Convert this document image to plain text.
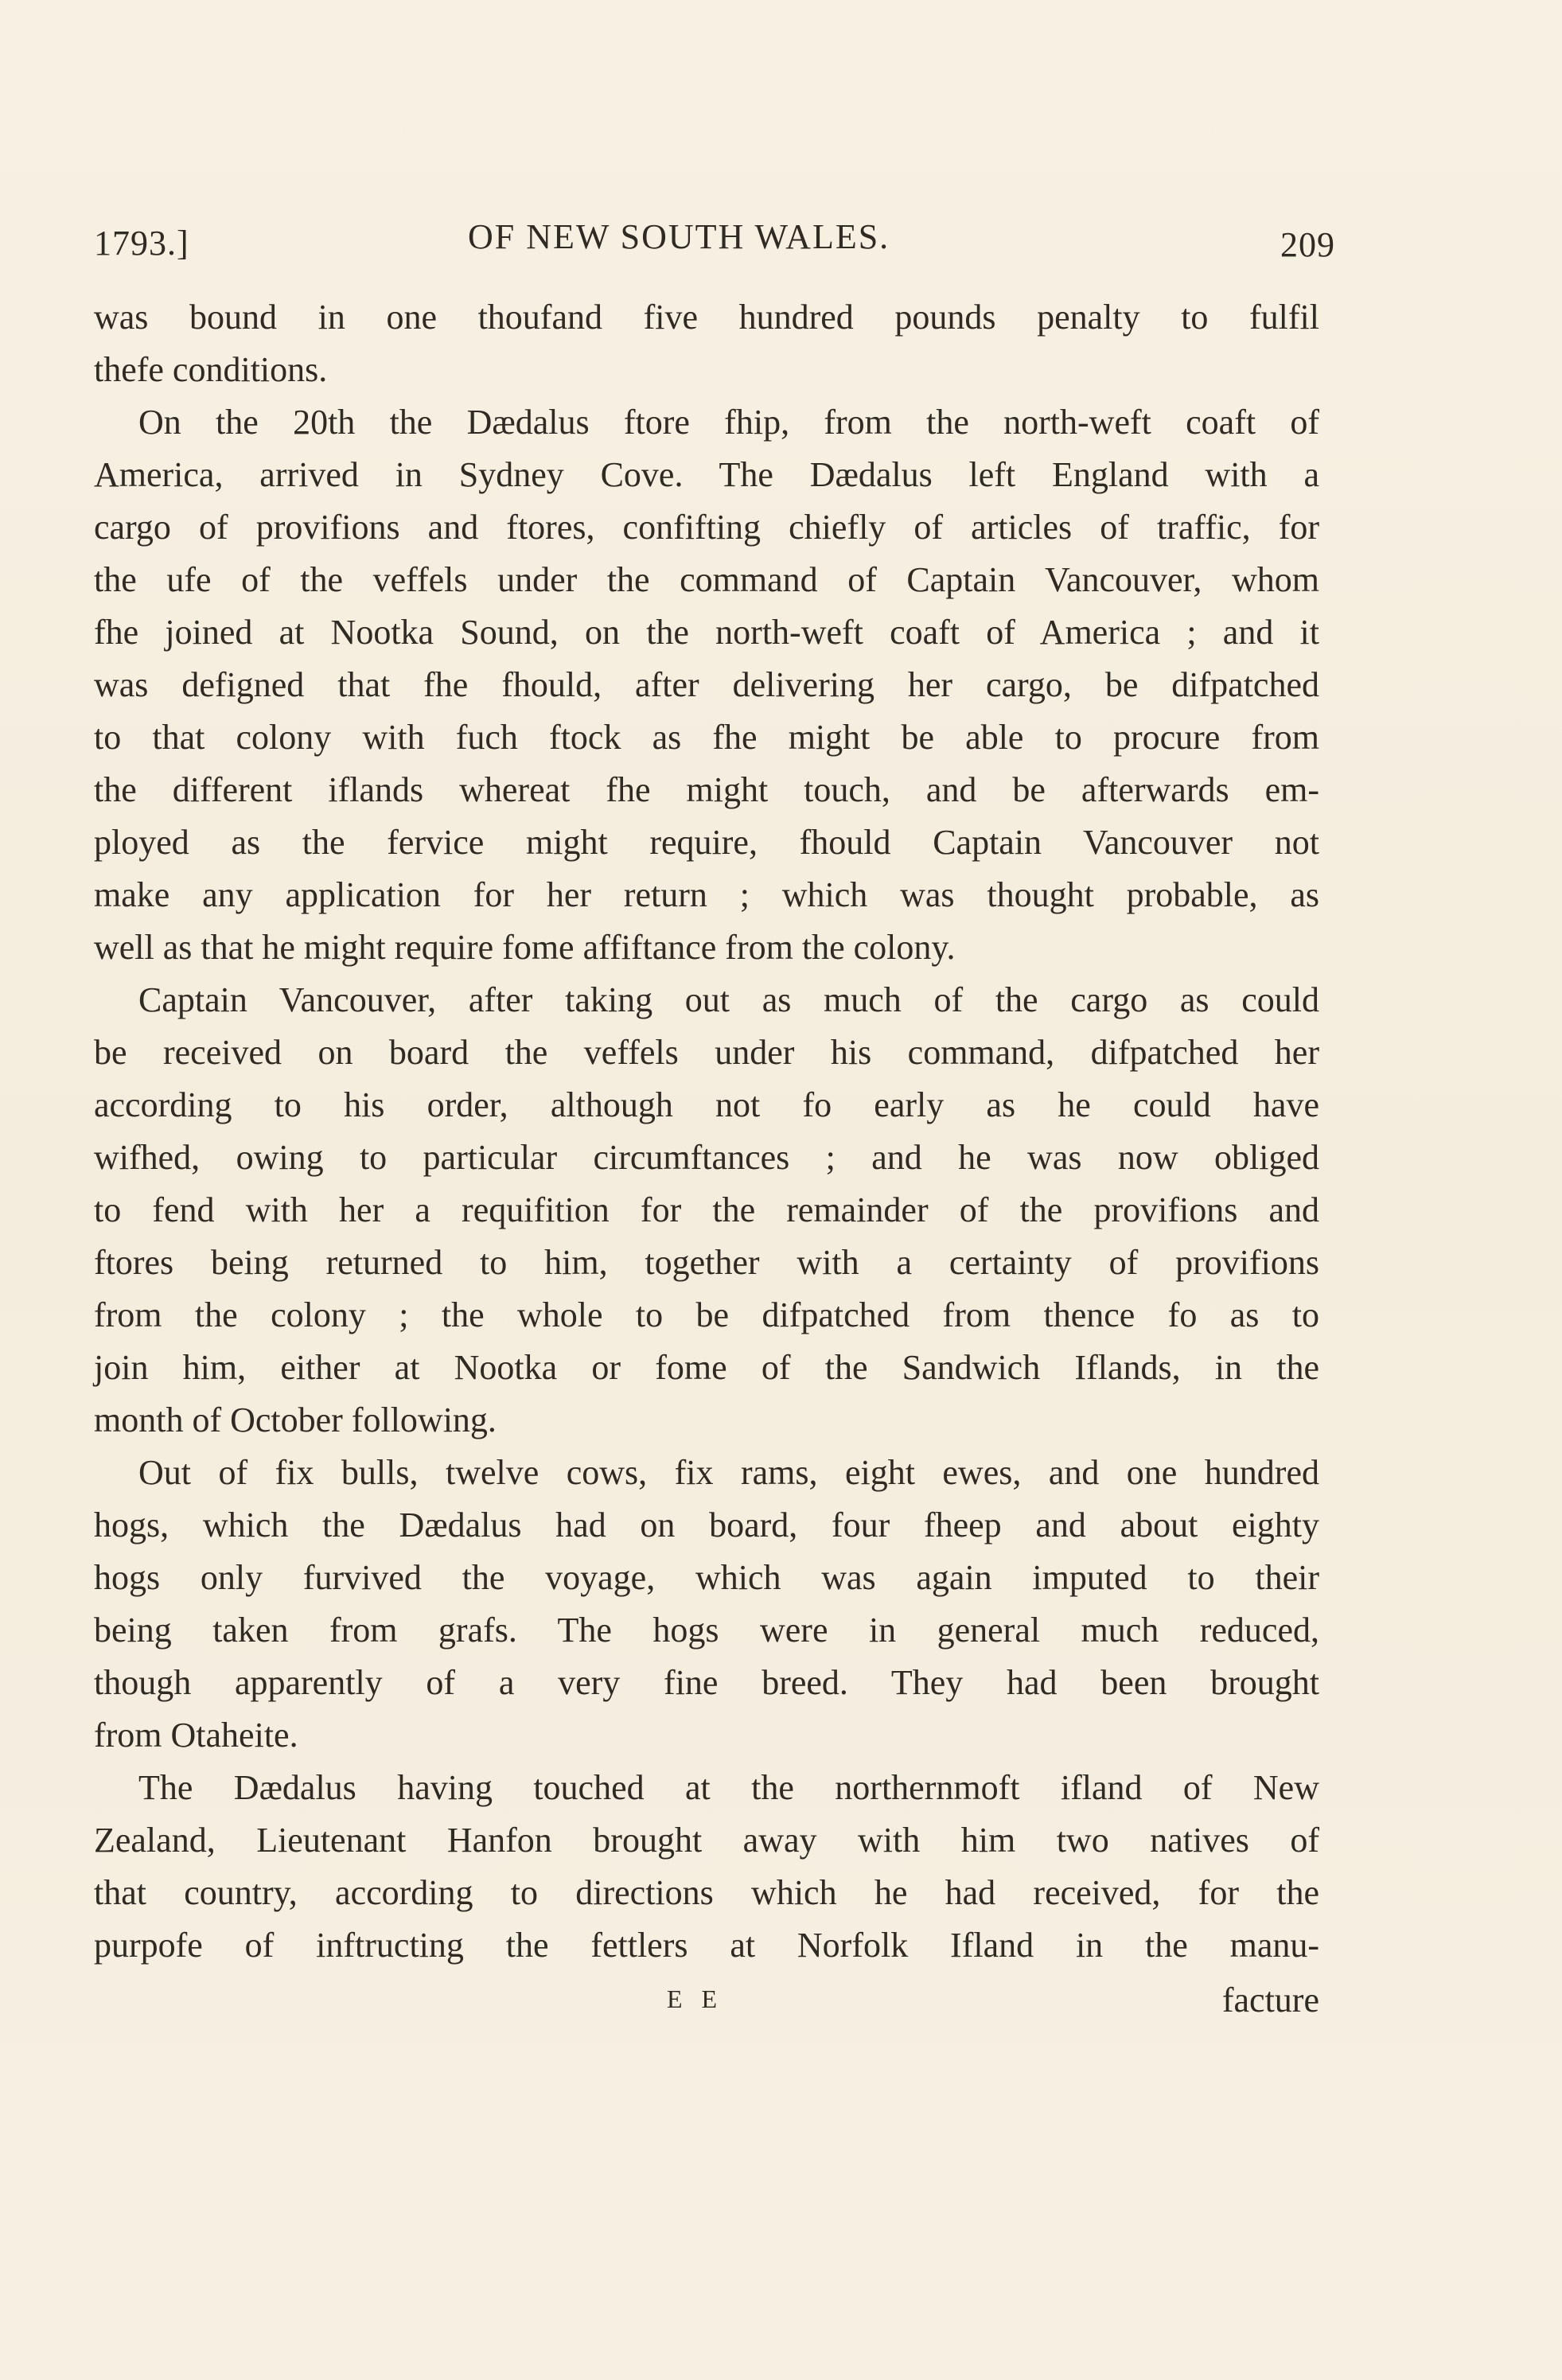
1793.]	OF NEW SOUTH WALES.	209
was bound in one thoufand five hundred pounds penalty to fulfil
thefe conditions.
On the 20th the Dædalus ftore fhip, from the north-weft coaft of
America, arrived in Sydney Cove. The Dædalus left England with a
cargo of provifions and ftores, confifting chiefly of articles of traffic, for
the ufe of the veffels under the command of Captain Vancouver, whom
fhe joined at Nootka Sound, on the north-weft coaft of America ; and it
was defigned that fhe fhould, after delivering her cargo, be difpatched
to that colony with fuch ftock as fhe might be able to procure from
the different iflands whereat fhe might touch, and be afterwards em-
ployed as the fervice might require, fhould Captain Vancouver not
make any application for her return ; which was thought probable, as
well as that he might require fome affiftance from the colony.
Captain Vancouver, after taking out as much of the cargo as could
be received on board the veffels under his command, difpatched her
according to his order, although not fo early as he could have
wifhed, owing to particular circumftances ; and he was now obliged
to fend with her a requifition for the remainder of the provifions and
ftores being returned to him, together with a certainty of provifions
from the colony ; the whole to be difpatched from thence fo as to
join him, either at Nootka or fome of the Sandwich Iflands, in the
month of October following.
Out of fix bulls, twelve cows, fix rams, eight ewes, and one hundred
hogs, which the Dædalus had on board, four fheep and about eighty
hogs only furvived the voyage, which was again imputed to their
being taken from grafs. The hogs were in general much reduced,
though apparently of a very fine breed. They had been brought
from Otaheite.
The Dædalus having touched at the northernmoft ifland of New
Zealand, Lieutenant Hanfon brought away with him two natives of
that country, according to directions which he had received, for the
purpofe of inftructing the fettlers at Norfolk Ifland in the manu-
E E	facture
